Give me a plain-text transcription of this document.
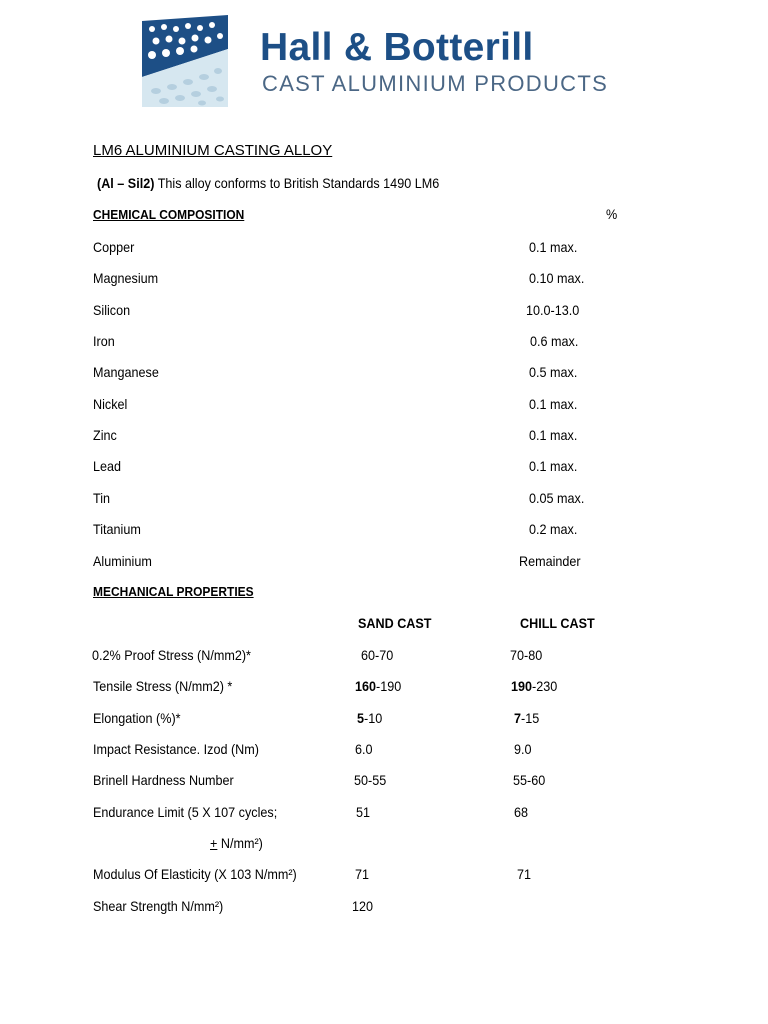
Hall & Botterill
CAST ALUMINIUM PRODUCTS
LM6 ALUMINIUM CASTING ALLOY
(Al – Sil2) This alloy conforms to British Standards 1490 LM6
CHEMICAL COMPOSITION	%
Copper	0.1 max.
Magnesium	0.10 max.
Silicon	10.0-13.0
Iron	0.6 max.
Manganese	0.5 max.
Nickel	0.1 max.
Zinc	0.1 max.
Lead	0.1 max.
Tin	0.05 max.
Titanium	0.2 max.
Aluminium	Remainder
MECHANICAL PROPERTIES
SAND CAST	CHILL CAST
0.2% Proof Stress (N/mm2)*	60-70	70-80
Tensile Stress (N/mm2) *	160-190	190-230
Elongation (%)*	5-10	7-15
Impact Resistance. Izod (Nm)	6.0	9.0
Brinell Hardness Number	50-55	55-60
Endurance Limit (5 X 107 cycles;	51	68
+ N/mm²)
Modulus Of Elasticity (X 103 N/mm²)	71	71
Shear Strength N/mm²)	120
